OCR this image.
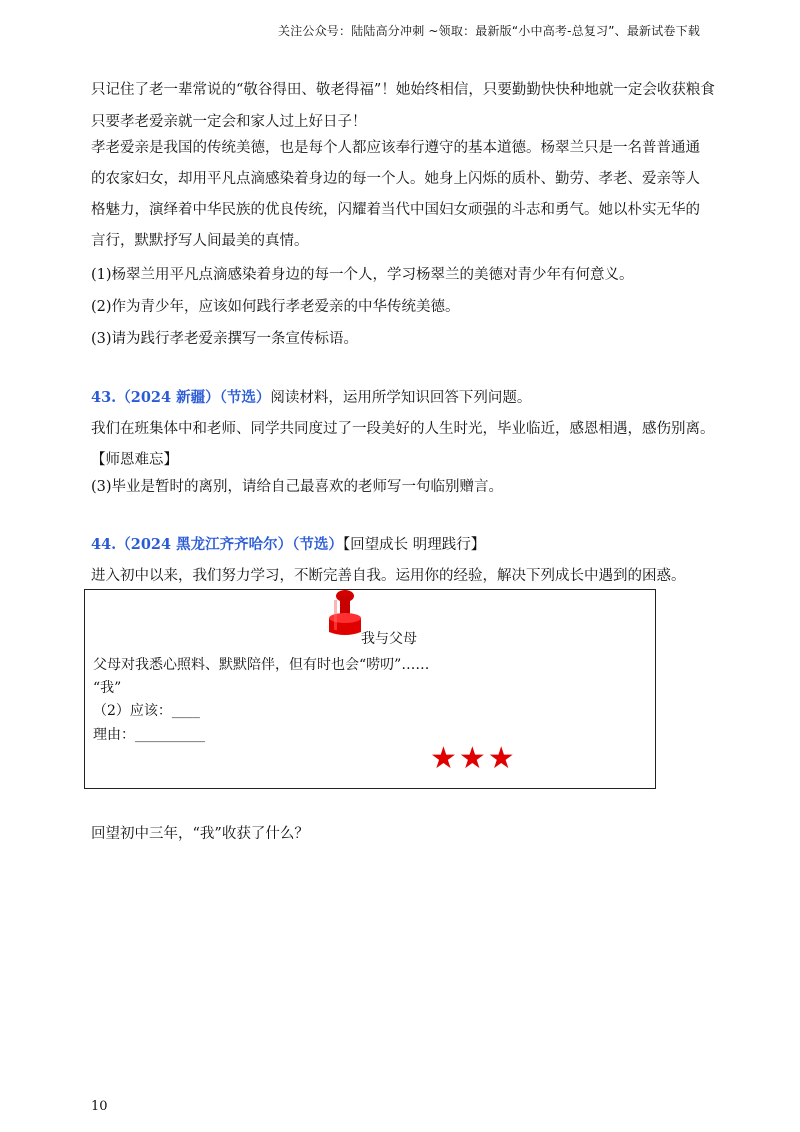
关注公众号：陆陆高分冲刺 ~领取：最新版“小中高考-总复习”、最新试卷下载
只记住了老一辈常说的“敬谷得田、敬老得福”！她始终相信，只要勤勤快快种地就一定会收获粮食
只要孝老爱亲就一定会和家人过上好日子！
孝老爱亲是我国的传统美德，也是每个人都应该奉行遵守的基本道德。杨翠兰只是一名普普通通的农家妇女，却用平凡点滴感染着身边的每一个人。她身上闪烁的质朴、勤劳、孝老、爱亲等人格魅力，演绎着中华民族的优良传统，闪耀着当代中国妇女顽强的斗志和勇气。她以朴实无华的言行，默默抒写人间最美的真情。
(1)杨翠兰用平凡点滴感染着身边的每一个人，学习杨翠兰的美德对青少年有何意义。
(2)作为青少年，应该如何践行孝老爱亲的中华传统美德。
(3)请为践行孝老爱亲撰写一条宣传标语。
43.（2024 新疆）（节选）阅读材料，运用所学知识回答下列问题。
我们在班集体中和老师、同学共同度过了一段美好的人生时光，毕业临近，感恩相遇，感伤别离。
【师恩难忘】
(3)毕业是暂时的离别，请给自己最喜欢的老师写一句临别赠言。
44.（2024 黑龙江齐齐哈尔）（节选）【回望成长 明理践行】
进入初中以来，我们努力学习，不断完善自我。运用你的经验，解决下列成长中遇到的困惑。
我与父母
父母对我悉心照料、默默陪伴，但有时也会“唠叨”……
“我”
（2）应该：____
理由：__________
★★★
回望初中三年，“我”收获了什么？
10
